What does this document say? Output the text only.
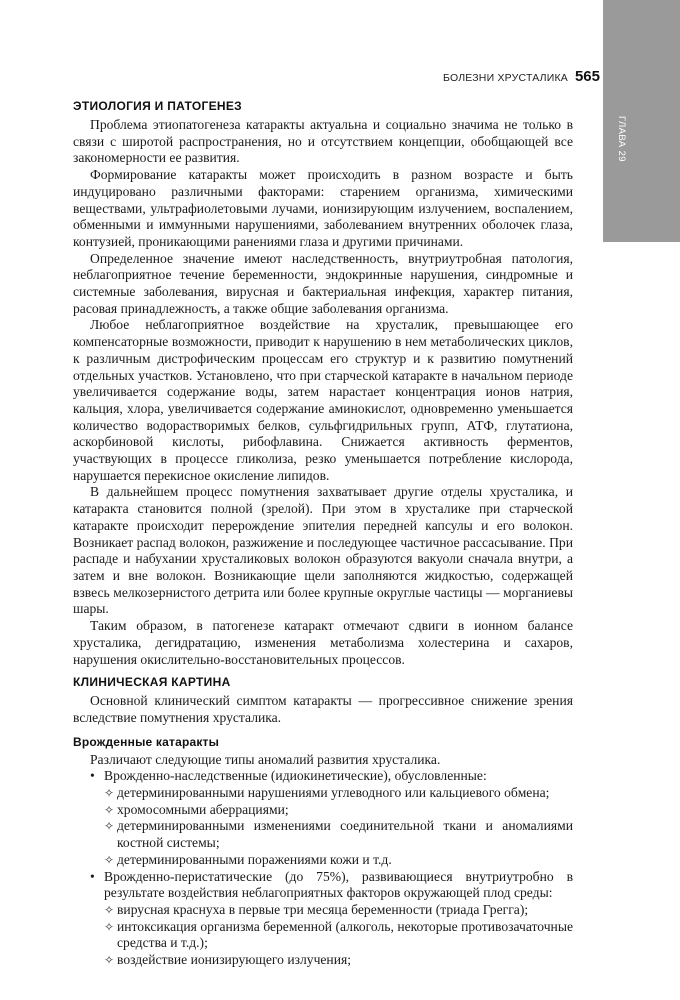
ГЛАВА 29
БОЛЕЗНИ ХРУСТАЛИКА 565
ЭТИОЛОГИЯ И ПАТОГЕНЕЗ

Проблема этиопатогенеза катаракты актуальна и социально значима не только в связи с широтой распространения, но и отсутствием концепции, обобщающей все закономерности ее развития.

Формирование катаракты может происходить в разном возрасте и быть индуцировано различными факторами: старением организма, химическими веществами, ультрафиолетовыми лучами, ионизирующим излучением, воспалением, обменными и иммунными нарушениями, заболеванием внутренних оболочек глаза, контузией, проникающими ранениями глаза и другими причинами.

Определенное значение имеют наследственность, внутриутробная патология, неблагоприятное течение беременности, эндокринные нарушения, синдромные и системные заболевания, вирусная и бактериальная инфекция, характер питания, расовая принадлежность, а также общие заболевания организма.

Любое неблагоприятное воздействие на хрусталик, превышающее его компенсаторные возможности, приводит к нарушению в нем метаболических циклов, к различным дистрофическим процессам его структур и к развитию помутнений отдельных участков. Установлено, что при старческой катаракте в начальном периоде увеличивается содержание воды, затем нарастает концентрация ионов натрия, кальция, хлора, увеличивается содержание аминокислот, одновременно уменьшается количество водорастворимых белков, сульфгидрильных групп, АТФ, глутатиона, аскорбиновой кислоты, рибофлавина. Снижается активность ферментов, участвующих в процессе гликолиза, резко уменьшается потребление кислорода, нарушается перекисное окисление липидов.

В дальнейшем процесс помутнения захватывает другие отделы хрусталика, и катаракта становится полной (зрелой). При этом в хрусталике при старческой катаракте происходит перерождение эпителия передней капсулы и его волокон. Возникает распад волокон, разжижение и последующее частичное рассасывание. При распаде и набухании хрусталиковых волокон образуются вакуоли сначала внутри, а затем и вне волокон. Возникающие щели заполняются жидкостью, содержащей взвесь мелкозернистого детрита или более крупные округлые частицы — морганиевы шары.

Таким образом, в патогенезе катаракт отмечают сдвиги в ионном балансе хрусталика, дегидратацию, изменения метаболизма холестерина и сахаров, нарушения окислительно-восстановительных процессов.

КЛИНИЧЕСКАЯ КАРТИНА

Основной клинический симптом катаракты — прогрессивное снижение зрения вследствие помутнения хрусталика.

Врожденные катаракты

Различают следующие типы аномалий развития хрусталика.

• Врожденно-наследственные (идиокинетические), обусловленные:
✧ детерминированными нарушениями углеводного или кальциевого обмена;
✧ хромосомными аберрациями;
✧ детерминированными изменениями соединительной ткани и аномалиями костной системы;
✧ детерминированными поражениями кожи и т.д.
• Врожденно-перистатические (до 75%), развивающиеся внутриутробно в результате воздействия неблагоприятных факторов окружающей плод среды:
✧ вирусная краснуха в первые три месяца беременности (триада Грегга);
✧ интоксикация организма беременной (алкоголь, некоторые противозачаточные средства и т.д.);
✧ воздействие ионизирующего излучения;
